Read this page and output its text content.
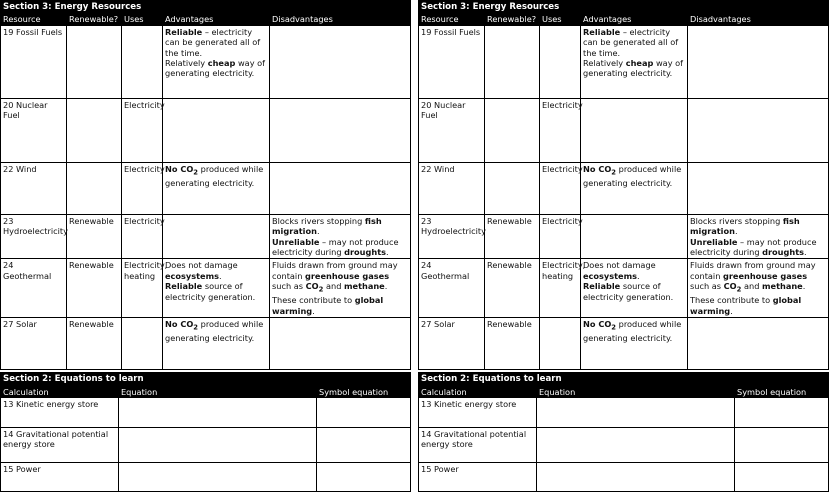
Section 3: Energy Resources				
Resource	Renewable?	Uses	Advantages	Disadvantages
19 Fossil Fuels			Reliable – electricity can be generated all of the time.
Relatively cheap way of generating electricity.	
20 Nuclear Fuel		Electricity		
22 Wind		Electricity	No $CO_2$ produced while generating electricity.	
23 Hydroelectricity	Renewable	Electricity		Blocks rivers stopping fish migration.
Unreliable – may not produce electricity during droughts.
24 Geothermal	Renewable	Electricity, heating	Does not damage ecosystems.
Reliable source of electricity generation.	Fluids drawn from ground may contain greenhouse gases such as $CO_2$ and methane. These contribute to global warming.
27 Solar	Renewable		No $CO_2$ produced while generating electricity.	
Section 2: Equations to learn		
Calculation	Equation	Symbol equation
13 Kinetic energy store		
14 Gravitational potential energy store		
15 Power		
Section 3: Energy Resources				
Resource	Renewable?	Uses	Advantages	Disadvantages
19 Fossil Fuels			Reliable – electricity can be generated all of the time.
Relatively cheap way of generating electricity.	
20 Nuclear Fuel		Electricity		
22 Wind		Electricity	No $CO_2$ produced while generating electricity.	
23 Hydroelectricity	Renewable	Electricity		Blocks rivers stopping fish migration.
Unreliable – may not produce electricity during droughts.
24 Geothermal	Renewable	Electricity, heating	Does not damage ecosystems.
Reliable source of electricity generation.	Fluids drawn from ground may contain greenhouse gases such as $CO_2$ and methane. These contribute to global warming.
27 Solar	Renewable		No $CO_2$ produced while generating electricity.	
Section 2: Equations to learn		
Calculation	Equation	Symbol equation
13 Kinetic energy store		
14 Gravitational potential energy store		
15 Power		
